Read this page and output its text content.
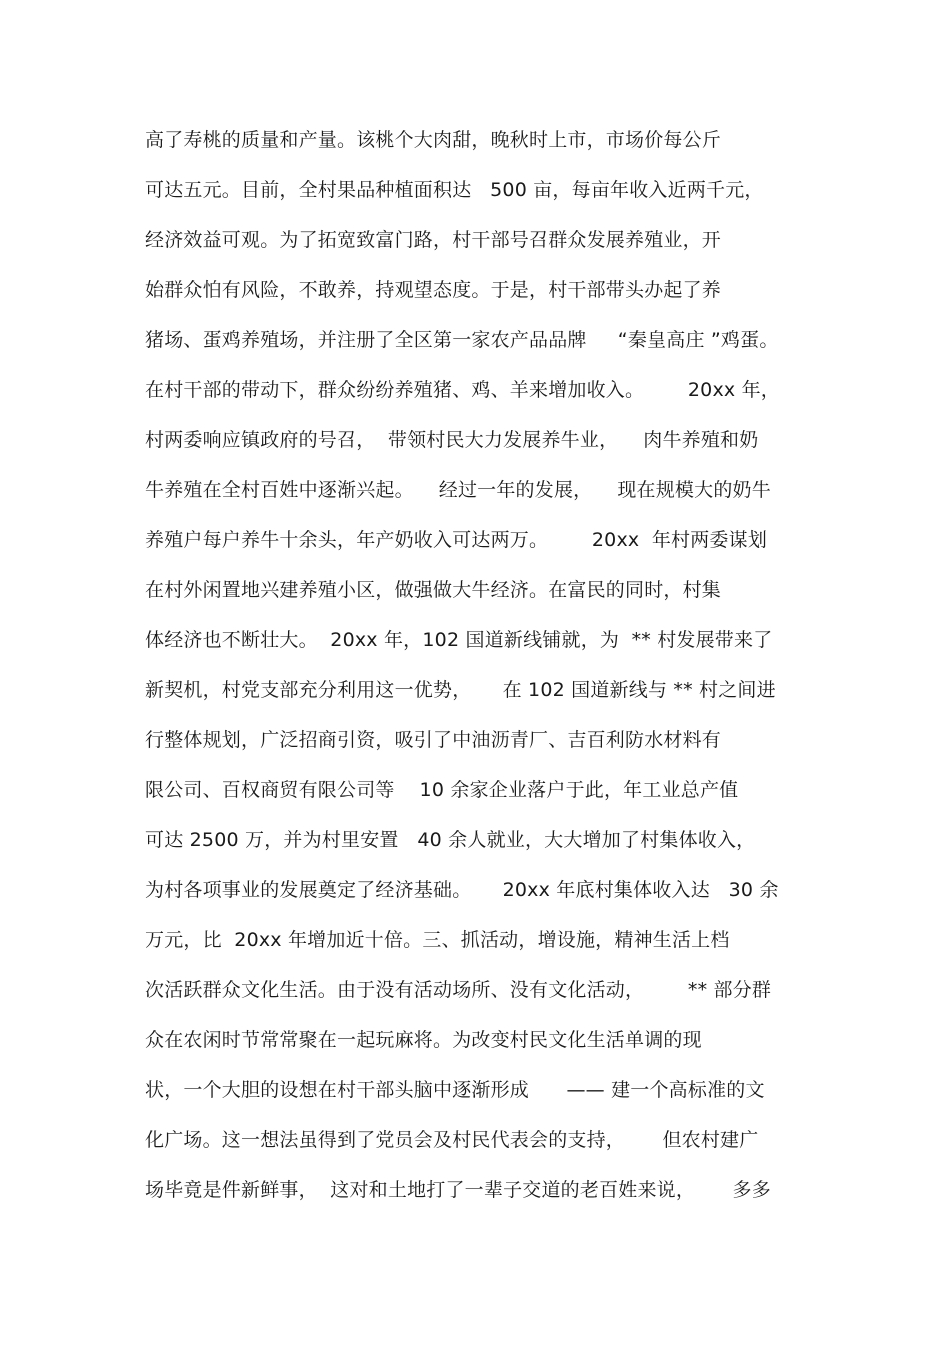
高了寿桃的质量和产量。该桃个大肉甜，晚秋时上市，市场价每公斤
可达五元。目前，全村果品种植面积达   500 亩，每亩年收入近两千元，
经济效益可观。为了拓宽致富门路，村干部号召群众发展养殖业，开
始群众怕有风险，不敢养，持观望态度。于是，村干部带头办起了养
猪场、蛋鸡养殖场，并注册了全区第一家农产品品牌     “秦皇高庄 ”鸡蛋。
在村干部的带动下，群众纷纷养殖猪、鸡、羊来增加收入。       20xx 年，
村两委响应镇政府的号召，  带领村民大力发展养牛业，    肉牛养殖和奶
牛养殖在全村百姓中逐渐兴起。    经过一年的发展，    现在规模大的奶牛
养殖户每户养牛十余头，年产奶收入可达两万。       20xx  年村两委谋划
在村外闲置地兴建养殖小区，做强做大牛经济。在富民的同时，村集
体经济也不断壮大。  20xx 年，102 国道新线铺就，为  ** 村发展带来了
新契机，村党支部充分利用这一优势，     在 102 国道新线与 ** 村之间进
行整体规划，广泛招商引资，吸引了中油沥青厂、吉百利防水材料有
限公司、百权商贸有限公司等    10 余家企业落户于此，年工业总产值
可达 2500 万，并为村里安置   40 余人就业，大大增加了村集体收入，
为村各项事业的发展奠定了经济基础。     20xx 年底村集体收入达   30 余
万元，比  20xx 年增加近十倍。三、抓活动，增设施，精神生活上档
次活跃群众文化生活。由于没有活动场所、没有文化活动，       ** 部分群
众在农闲时节常常聚在一起玩麻将。为改变村民文化生活单调的现
状，一个大胆的设想在村干部头脑中逐渐形成      —— 建一个高标准的文
化广场。这一想法虽得到了党员会及村民代表会的支持，      但农村建广
场毕竟是件新鲜事，  这对和土地打了一辈子交道的老百姓来说，      多多
